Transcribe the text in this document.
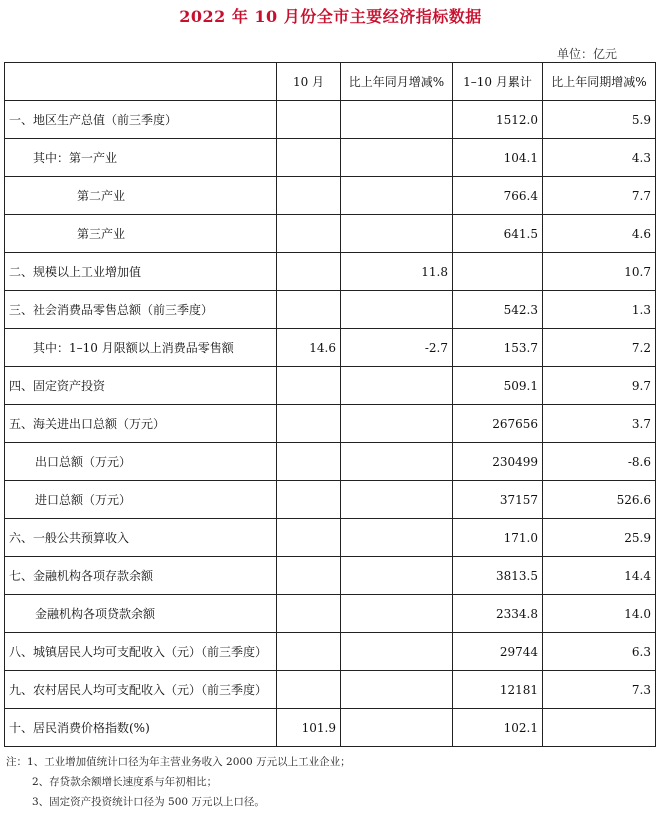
2022 年 10 月份全市主要经济指标数据
单位：亿元
	10 月	比上年同月增减%	1–10 月累计	比上年同期增减%
一、地区生产总值（前三季度）			1512.0	5.9
其中：第一产业			104.1	4.3
第二产业			766.4	7.7
第三产业			641.5	4.6
二、规模以上工业增加值		11.8		10.7
三、社会消费品零售总额（前三季度）			542.3	1.3
其中：1–10 月限额以上消费品零售额	14.6	-2.7	153.7	7.2
四、固定资产投资			509.1	9.7
五、海关进出口总额（万元）			267656	3.7
出口总额（万元）			230499	-8.6
进口总额（万元）			37157	526.6
六、一般公共预算收入			171.0	25.9
七、金融机构各项存款余额			3813.5	14.4
金融机构各项贷款余额			2334.8	14.0
八、城镇居民人均可支配收入（元）（前三季度）			29744	6.3
九、农村居民人均可支配收入（元）（前三季度）			12181	7.3
十、居民消费价格指数(%)	101.9		102.1	
注：1、工业增加值统计口径为年主营业务收入 2000 万元以上工业企业；
2、存贷款余额增长速度系与年初相比；
3、固定资产投资统计口径为 500 万元以上口径。
